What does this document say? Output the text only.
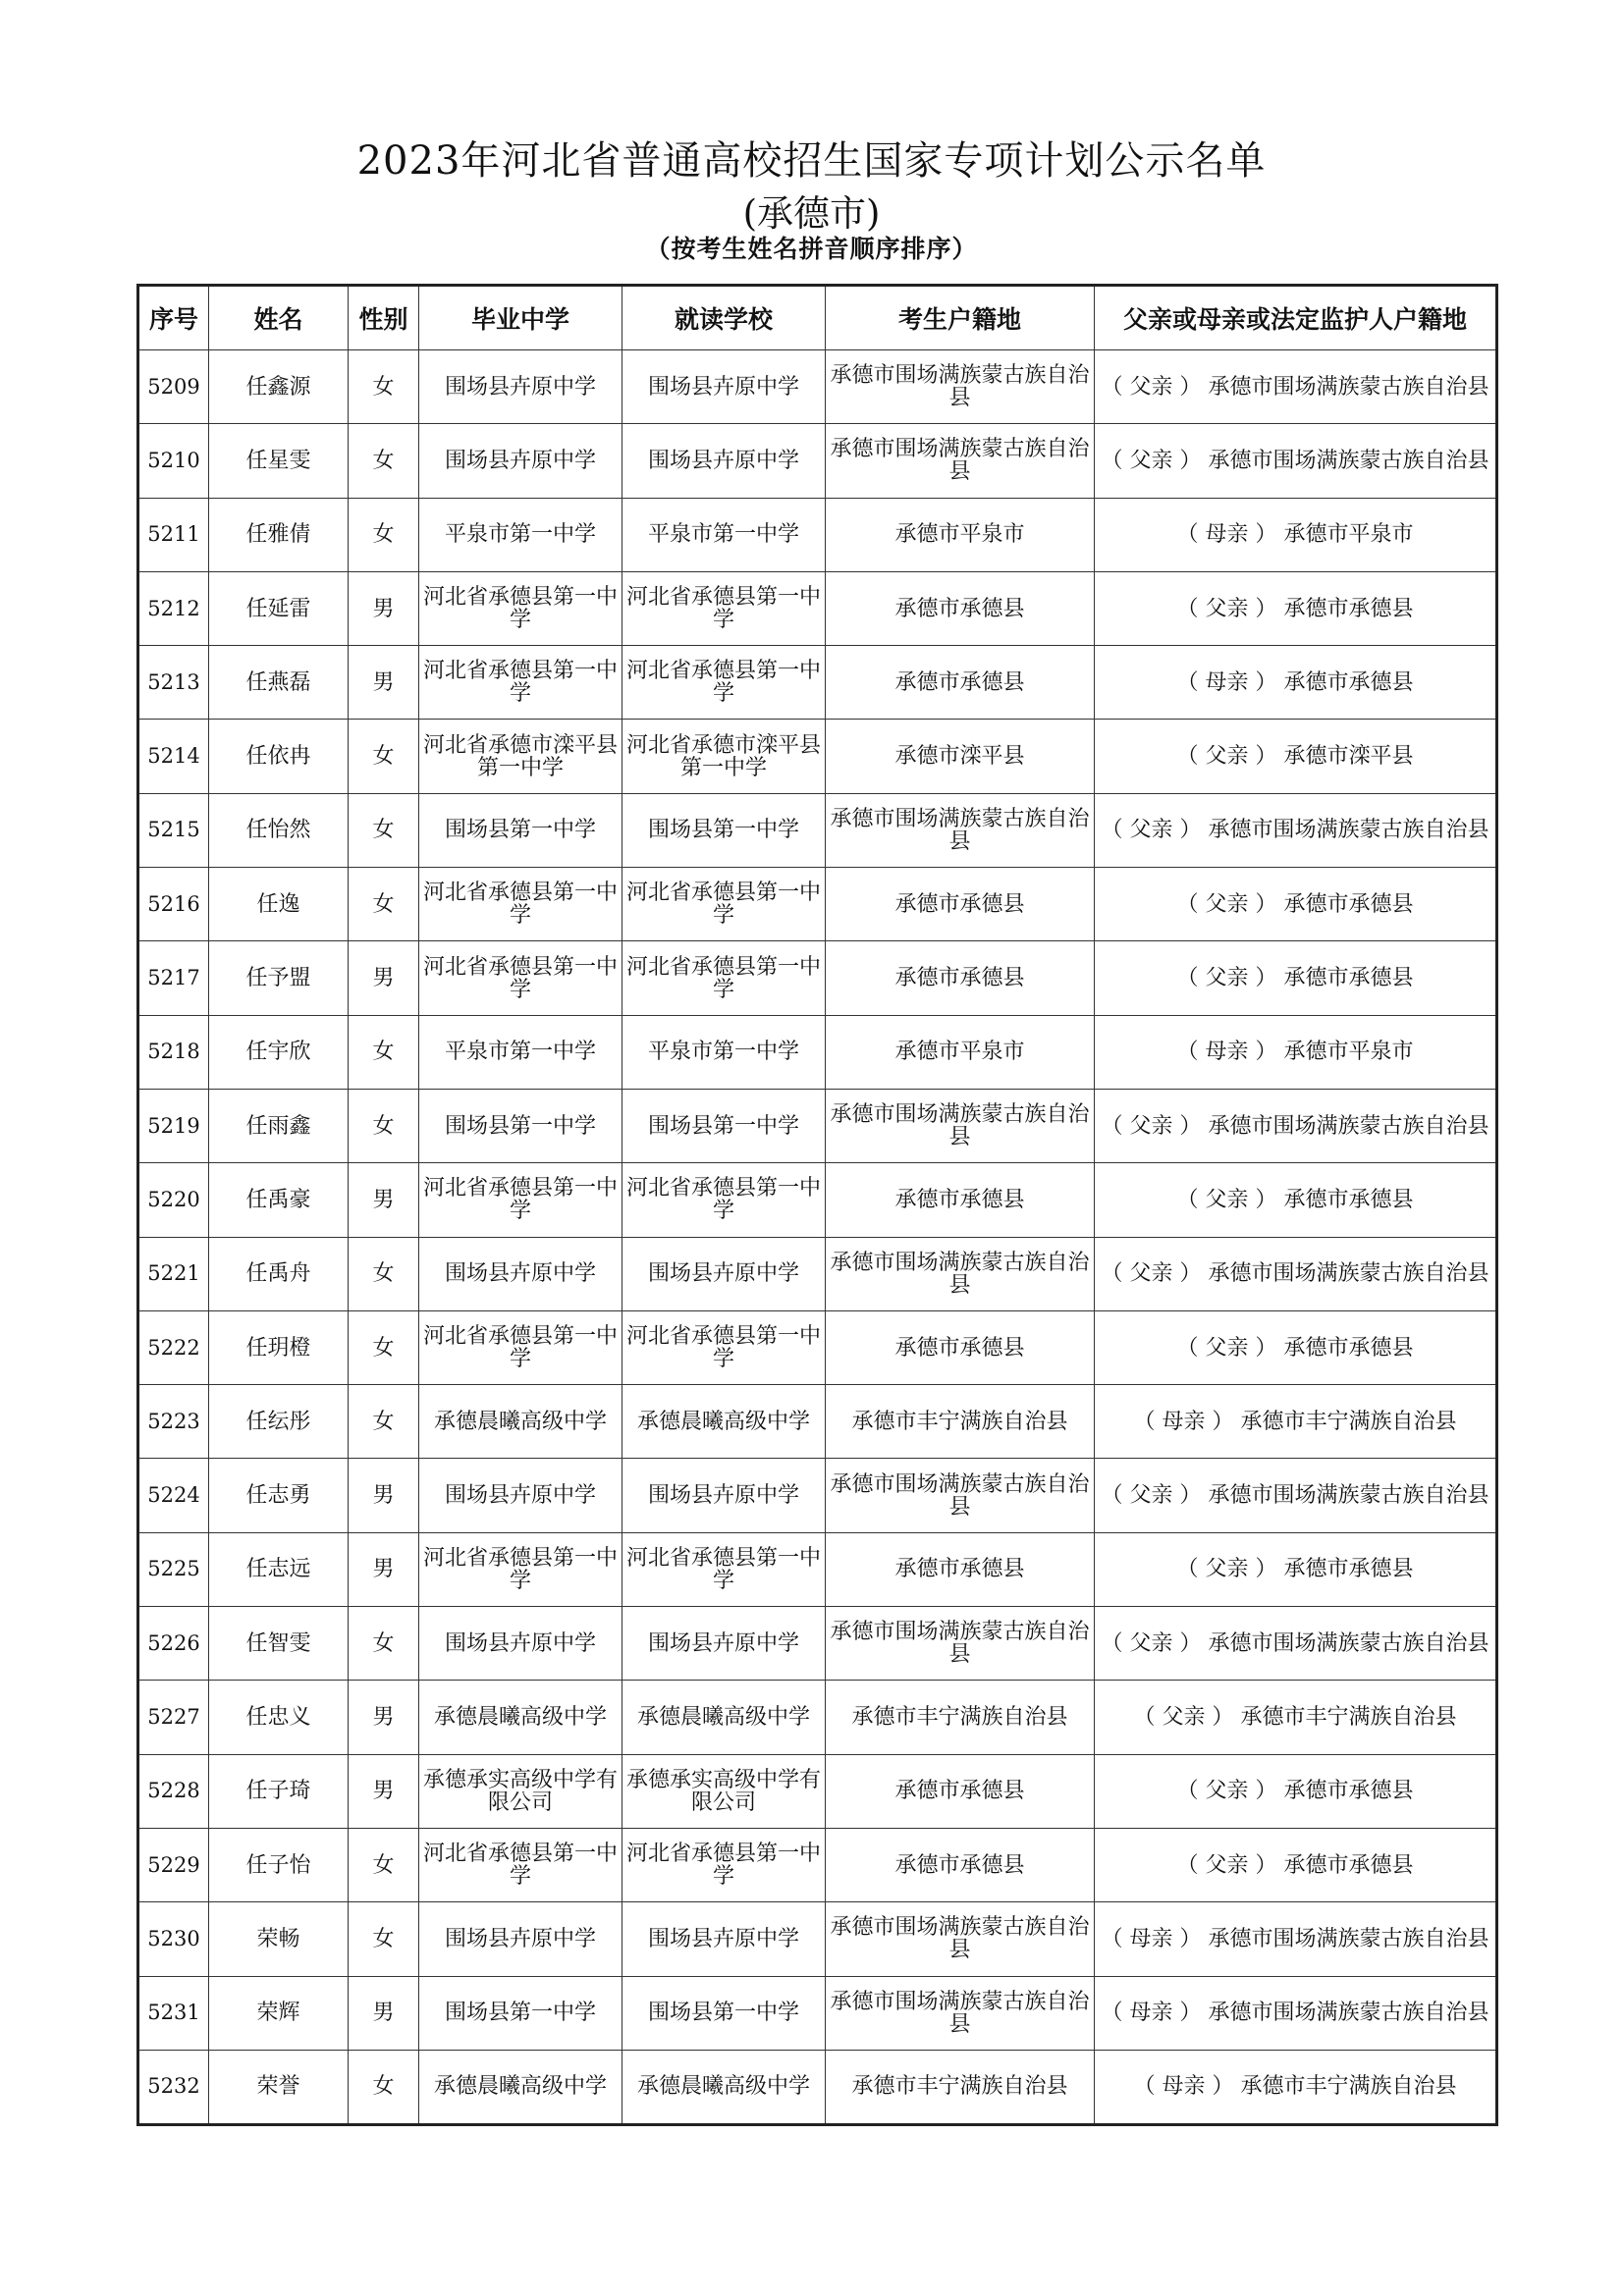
2023年河北省普通高校招生国家专项计划公示名单
(承德市)
（按考生姓名拼音顺序排序）
序号	姓名	性别	毕业中学	就读学校	考生户籍地	父亲或母亲或法定监护人户籍地
5209	任鑫源	女	围场县卉原中学	围场县卉原中学	承德市围场满族蒙古族自治县	（ 父亲 ） 承德市围场满族蒙古族自治县
5210	任星雯	女	围场县卉原中学	围场县卉原中学	承德市围场满族蒙古族自治县	（ 父亲 ） 承德市围场满族蒙古族自治县
5211	任雅倩	女	平泉市第一中学	平泉市第一中学	承德市平泉市	（ 母亲 ） 承德市平泉市
5212	任延雷	男	河北省承德县第一中学	河北省承德县第一中学	承德市承德县	（ 父亲 ） 承德市承德县
5213	任燕磊	男	河北省承德县第一中学	河北省承德县第一中学	承德市承德县	（ 母亲 ） 承德市承德县
5214	任依冉	女	河北省承德市滦平县第一中学	河北省承德市滦平县第一中学	承德市滦平县	（ 父亲 ） 承德市滦平县
5215	任怡然	女	围场县第一中学	围场县第一中学	承德市围场满族蒙古族自治县	（ 父亲 ） 承德市围场满族蒙古族自治县
5216	任逸	女	河北省承德县第一中学	河北省承德县第一中学	承德市承德县	（ 父亲 ） 承德市承德县
5217	任予盟	男	河北省承德县第一中学	河北省承德县第一中学	承德市承德县	（ 父亲 ） 承德市承德县
5218	任宇欣	女	平泉市第一中学	平泉市第一中学	承德市平泉市	（ 母亲 ） 承德市平泉市
5219	任雨鑫	女	围场县第一中学	围场县第一中学	承德市围场满族蒙古族自治县	（ 父亲 ） 承德市围场满族蒙古族自治县
5220	任禹豪	男	河北省承德县第一中学	河北省承德县第一中学	承德市承德县	（ 父亲 ） 承德市承德县
5221	任禹舟	女	围场县卉原中学	围场县卉原中学	承德市围场满族蒙古族自治县	（ 父亲 ） 承德市围场满族蒙古族自治县
5222	任玥橙	女	河北省承德县第一中学	河北省承德县第一中学	承德市承德县	（ 父亲 ） 承德市承德县
5223	任纭彤	女	承德晨曦高级中学	承德晨曦高级中学	承德市丰宁满族自治县	（ 母亲 ） 承德市丰宁满族自治县
5224	任志勇	男	围场县卉原中学	围场县卉原中学	承德市围场满族蒙古族自治县	（ 父亲 ） 承德市围场满族蒙古族自治县
5225	任志远	男	河北省承德县第一中学	河北省承德县第一中学	承德市承德县	（ 父亲 ） 承德市承德县
5226	任智雯	女	围场县卉原中学	围场县卉原中学	承德市围场满族蒙古族自治县	（ 父亲 ） 承德市围场满族蒙古族自治县
5227	任忠义	男	承德晨曦高级中学	承德晨曦高级中学	承德市丰宁满族自治县	（ 父亲 ） 承德市丰宁满族自治县
5228	任子琦	男	承德承实高级中学有限公司	承德承实高级中学有限公司	承德市承德县	（ 父亲 ） 承德市承德县
5229	任子怡	女	河北省承德县第一中学	河北省承德县第一中学	承德市承德县	（ 父亲 ） 承德市承德县
5230	荣畅	女	围场县卉原中学	围场县卉原中学	承德市围场满族蒙古族自治县	（ 母亲 ） 承德市围场满族蒙古族自治县
5231	荣辉	男	围场县第一中学	围场县第一中学	承德市围场满族蒙古族自治县	（ 母亲 ） 承德市围场满族蒙古族自治县
5232	荣誉	女	承德晨曦高级中学	承德晨曦高级中学	承德市丰宁满族自治县	（ 母亲 ） 承德市丰宁满族自治县
